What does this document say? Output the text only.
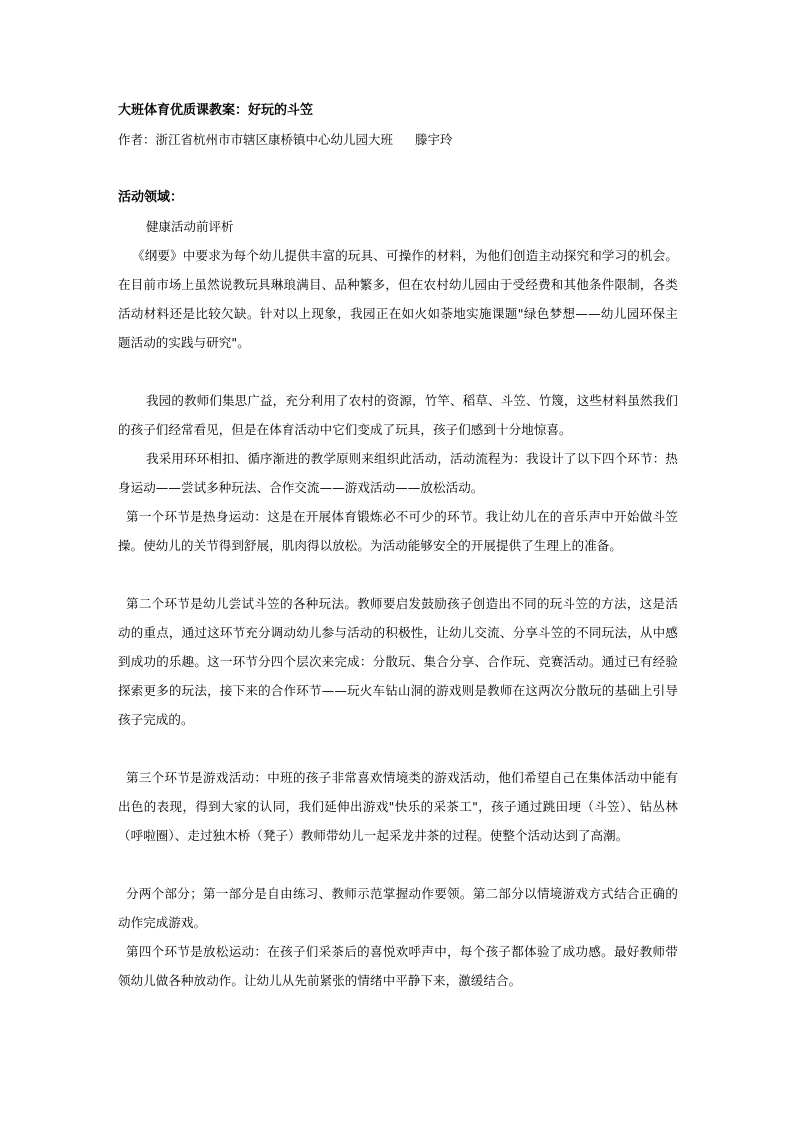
大班体育优质课教案：好玩的斗笠
作者：浙江省杭州市市辖区康桥镇中心幼儿园大班 滕宇玲
活动领域：
健康活动前评析

《纲要》中要求为每个幼儿提供丰富的玩具、可操作的材料，为他们创造主动探究和学习的机会。在目前市场上虽然说教玩具琳琅满目、品种繁多，但在农村幼儿园由于受经费和其他条件限制，各类活动材料还是比较欠缺。针对以上现象，我园正在如火如荼地实施课题"绿色梦想——幼儿园环保主题活动的实践与研究"。

我园的教师们集思广益，充分利用了农村的资源，竹竿、稻草、斗笠、竹篾，这些材料虽然我们的孩子们经常看见，但是在体育活动中它们变成了玩具，孩子们感到十分地惊喜。

我采用环环相扣、循序渐进的教学原则来组织此活动，活动流程为：我设计了以下四个环节：热身运动——尝试多种玩法、合作交流——游戏活动——放松活动。

第一个环节是热身运动：这是在开展体育锻炼必不可少的环节。我让幼儿在的音乐声中开始做斗笠操。使幼儿的关节得到舒展，肌肉得以放松。为活动能够安全的开展提供了生理上的准备。

第二个环节是幼儿尝试斗笠的各种玩法。教师要启发鼓励孩子创造出不同的玩斗笠的方法，这是活动的重点，通过这环节充分调动幼儿参与活动的积极性，让幼儿交流、分享斗笠的不同玩法，从中感到成功的乐趣。这一环节分四个层次来完成：分散玩、集合分享、合作玩、竞赛活动。通过已有经验探索更多的玩法，接下来的合作环节——玩火车钻山洞的游戏则是教师在这两次分散玩的基础上引导孩子完成的。

第三个环节是游戏活动：中班的孩子非常喜欢情境类的游戏活动，他们希望自己在集体活动中能有出色的表现，得到大家的认同，我们延伸出游戏"快乐的采茶工"，孩子通过跳田埂（斗笠）、钻丛林（呼啦圈）、走过独木桥（凳子）教师带幼儿一起采龙井茶的过程。使整个活动达到了高潮。

分两个部分；第一部分是自由练习、教师示范掌握动作要领。第二部分以情境游戏方式结合正确的动作完成游戏。

第四个环节是放松运动：在孩子们采茶后的喜悦欢呼声中，每个孩子都体验了成功感。最好教师带领幼儿做各种放动作。让幼儿从先前紧张的情绪中平静下来，激缓结合。
